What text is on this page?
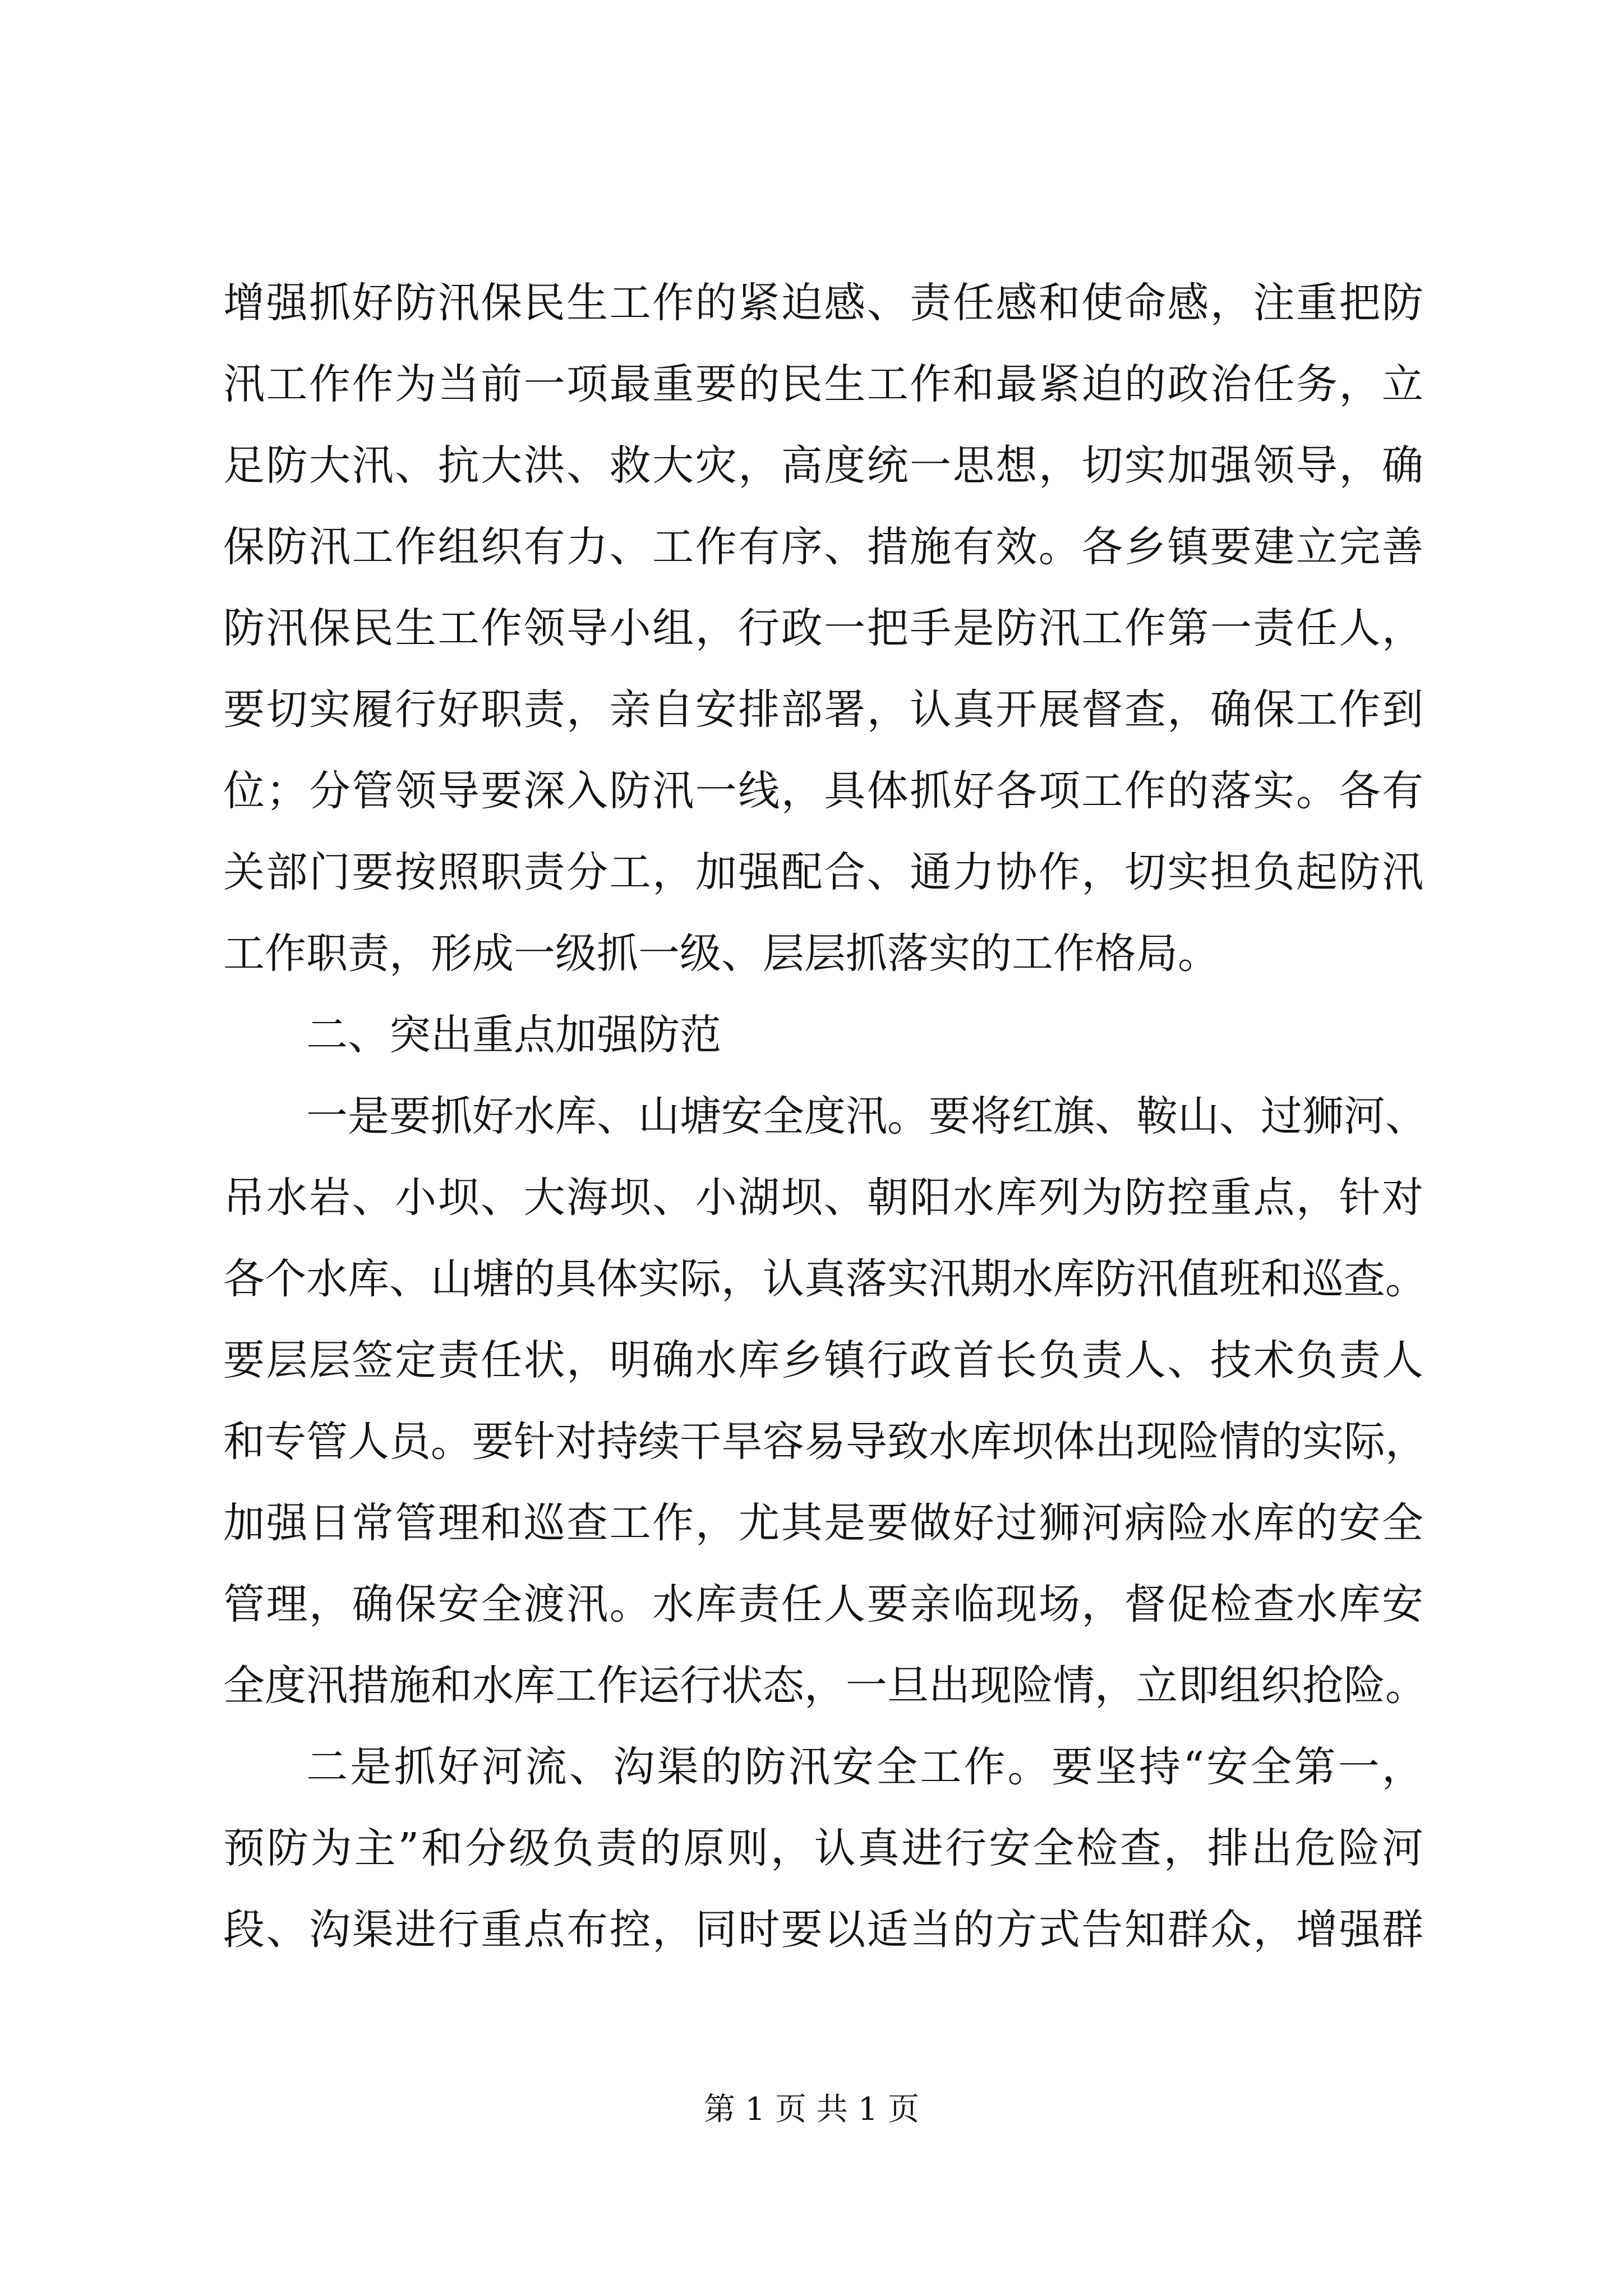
增强抓好防汛保民生工作的紧迫感、责任感和使命感，注重把防
汛工作作为当前一项最重要的民生工作和最紧迫的政治任务，立
足防大汛、抗大洪、救大灾，高度统一思想，切实加强领导，确
保防汛工作组织有力、工作有序、措施有效。各乡镇要建立完善
防汛保民生工作领导小组，行政一把手是防汛工作第一责任人，
要切实履行好职责，亲自安排部署，认真开展督查，确保工作到
位；分管领导要深入防汛一线，具体抓好各项工作的落实。各有
关部门要按照职责分工，加强配合、通力协作，切实担负起防汛
工作职责，形成一级抓一级、层层抓落实的工作格局。
二、突出重点加强防范
一是要抓好水库、山塘安全度汛。要将红旗、鞍山、过狮河、
吊水岩、小坝、大海坝、小湖坝、朝阳水库列为防控重点，针对
各个水库、山塘的具体实际，认真落实汛期水库防汛值班和巡查。
要层层签定责任状，明确水库乡镇行政首长负责人、技术负责人
和专管人员。要针对持续干旱容易导致水库坝体出现险情的实际，
加强日常管理和巡查工作，尤其是要做好过狮河病险水库的安全
管理，确保安全渡汛。水库责任人要亲临现场，督促检查水库安
全度汛措施和水库工作运行状态，一旦出现险情，立即组织抢险。
二是抓好河流、沟渠的防汛安全工作。要坚持“安全第一，
预防为主”和分级负责的原则，认真进行安全检查，排出危险河
段、沟渠进行重点布控，同时要以适当的方式告知群众，增强群
第 1 页 共 1 页
